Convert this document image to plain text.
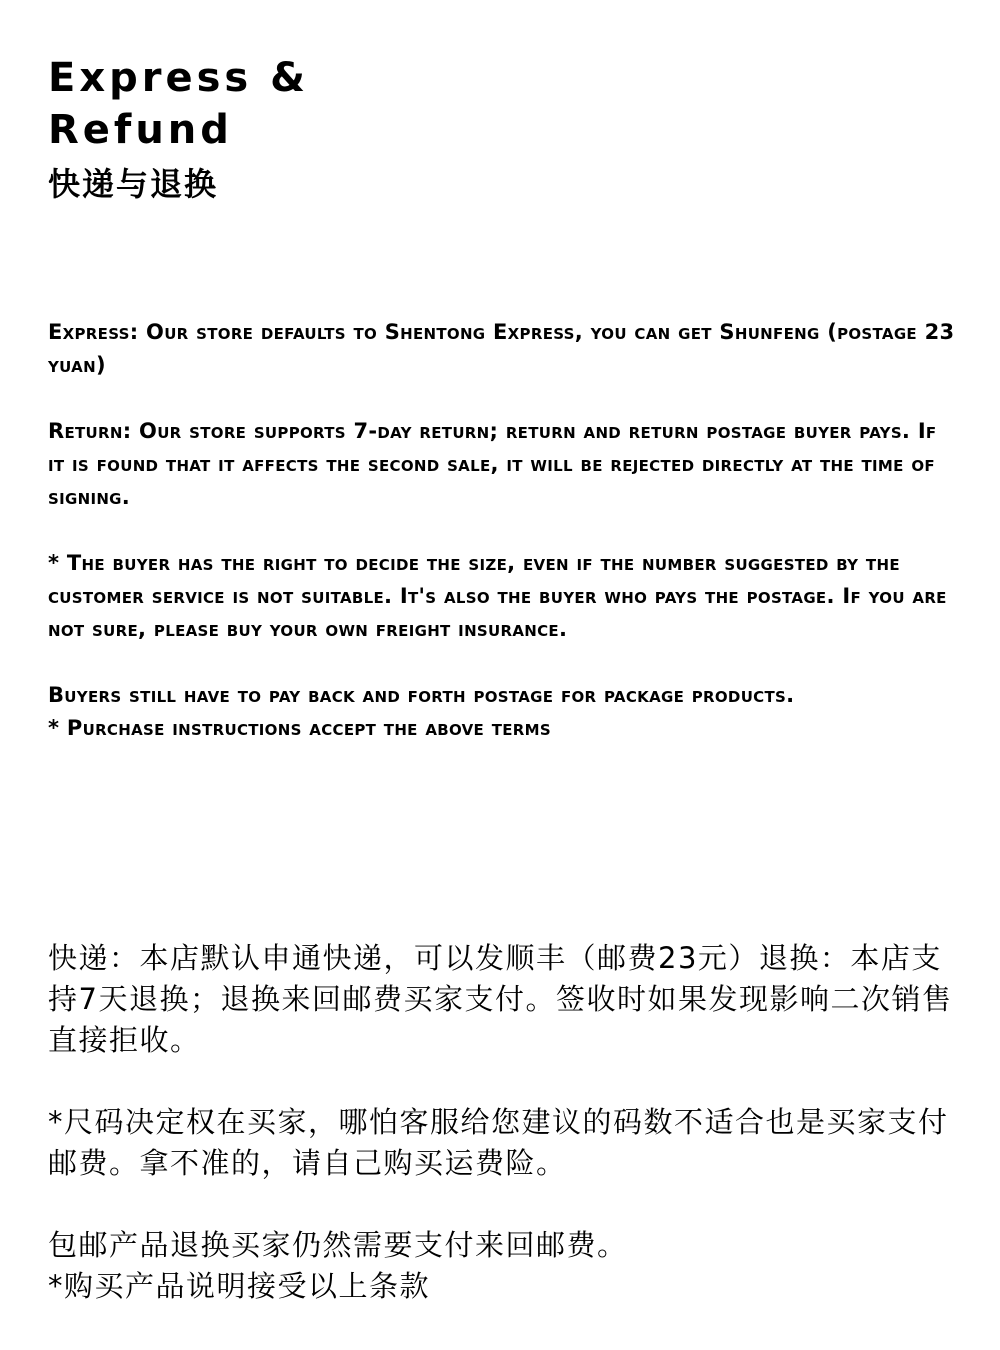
Express &
Refund
快递与退换

Express: Our store defaults to Shentong Express, you can get Shunfeng (postage 23 yuan)

Return: Our store supports 7-day return; return and return postage buyer pays. If it is found that it affects the second sale, it will be rejected directly at the time of signing.

* The buyer has the right to decide the size, even if the number suggested by the customer service is not suitable. It's also the buyer who pays the postage. If you are not sure, please buy your own freight insurance.

Buyers still have to pay back and forth postage for package products.

* Purchase instructions accept the above terms

快递：本店默认申通快递，可以发顺丰（邮费23元）退换：本店支持7天退换；退换来回邮费买家支付。签收时如果发现影响二次销售直接拒收。

*尺码决定权在买家，哪怕客服给您建议的码数不适合也是买家支付邮费。拿不准的，请自己购买运费险。

包邮产品退换买家仍然需要支付来回邮费。

*购买产品说明接受以上条款
